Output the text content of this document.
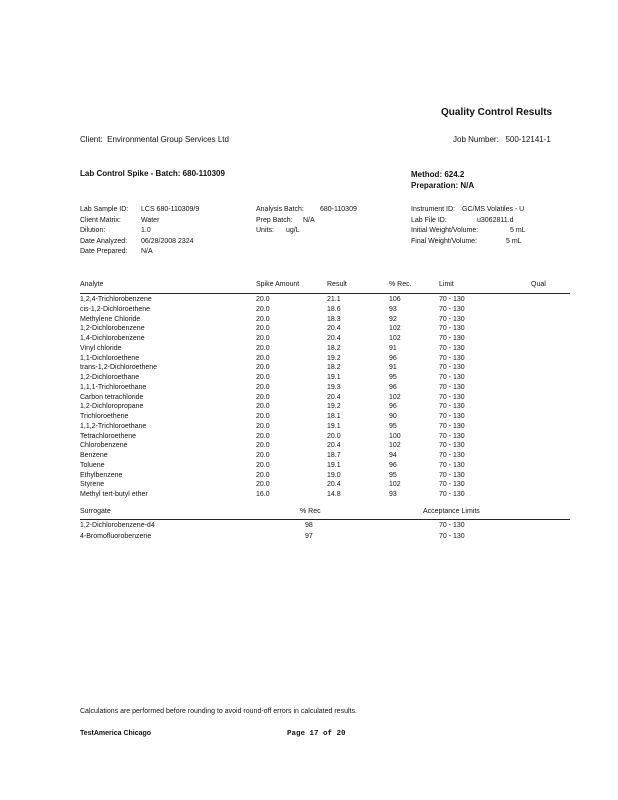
Quality Control Results
Client: Environmental Group Services Ltd	Job Number: 500-12141-1
Lab Control Spike - Batch: 680-110309	Method: 624.2
Preparation: N/A
Lab Sample ID: LCS 680-110309/9
Client Matrix:	Water
Dilution:	1.0
Date Analyzed: 06/28/2008 2324
Date Prepared: N/A
Analysis Batch: 680-110309
Prep Batch: N/A
Units: ug/L
Instrument ID: GC/MS Volatiles - U
Lab File ID:	u3062811.d
Initial Weight/Volume:	5 mL
Final Weight/Volume:	5 mL
Analyte	Spike Amount	Result	% Rec.	Limit	Qual
1,2,4-Trichlorobenzene	20.0	21.1	106	70 - 130
cis-1,2-Dichloroethene	20.0	18.6	93	70 - 130
Methylene Chloride	20.0	18.3	92	70 - 130
1,2-Dichlorobenzene	20.0	20.4	102	70 - 130
1,4-Dichlorobenzene	20.0	20.4	102	70 - 130
Vinyl chloride	20.0	18.2	91	70 - 130
1,1-Dichloroethene	20.0	19.2	96	70 - 130
trans-1,2-Dichloroethene	20.0	18.2	91	70 - 130
1,2-Dichloroethane	20.0	19.1	95	70 - 130
1,1,1-Trichloroethane	20.0	19.3	96	70 - 130
Carbon tetrachloride	20.0	20.4	102	70 - 130
1,2-Dichloropropane	20.0	19.2	96	70 - 130
Trichloroethene	20.0	18.1	90	70 - 130
1,1,2-Trichloroethane	20.0	19.1	95	70 - 130
Tetrachloroethene	20.0	20.0	100	70 - 130
Chlorobenzene	20.0	20.4	102	70 - 130
Benzene	20.0	18.7	94	70 - 130
Toluene	20.0	19.1	96	70 - 130
Ethylbenzene	20.0	19.0	95	70 - 130
Styrene	20.0	20.4	102	70 - 130
Methyl tert-butyl ether	16.0	14.8	93	70 - 130
Surrogate	% Rec	Acceptance Limits
1,2-Dichlorobenzene-d4	98	70 - 130
4-Bromofluorobenzene	97	70 - 130
Calculations are performed before rounding to avoid round-off errors in calculated results.
TestAmerica Chicago	Page 17 of 20
